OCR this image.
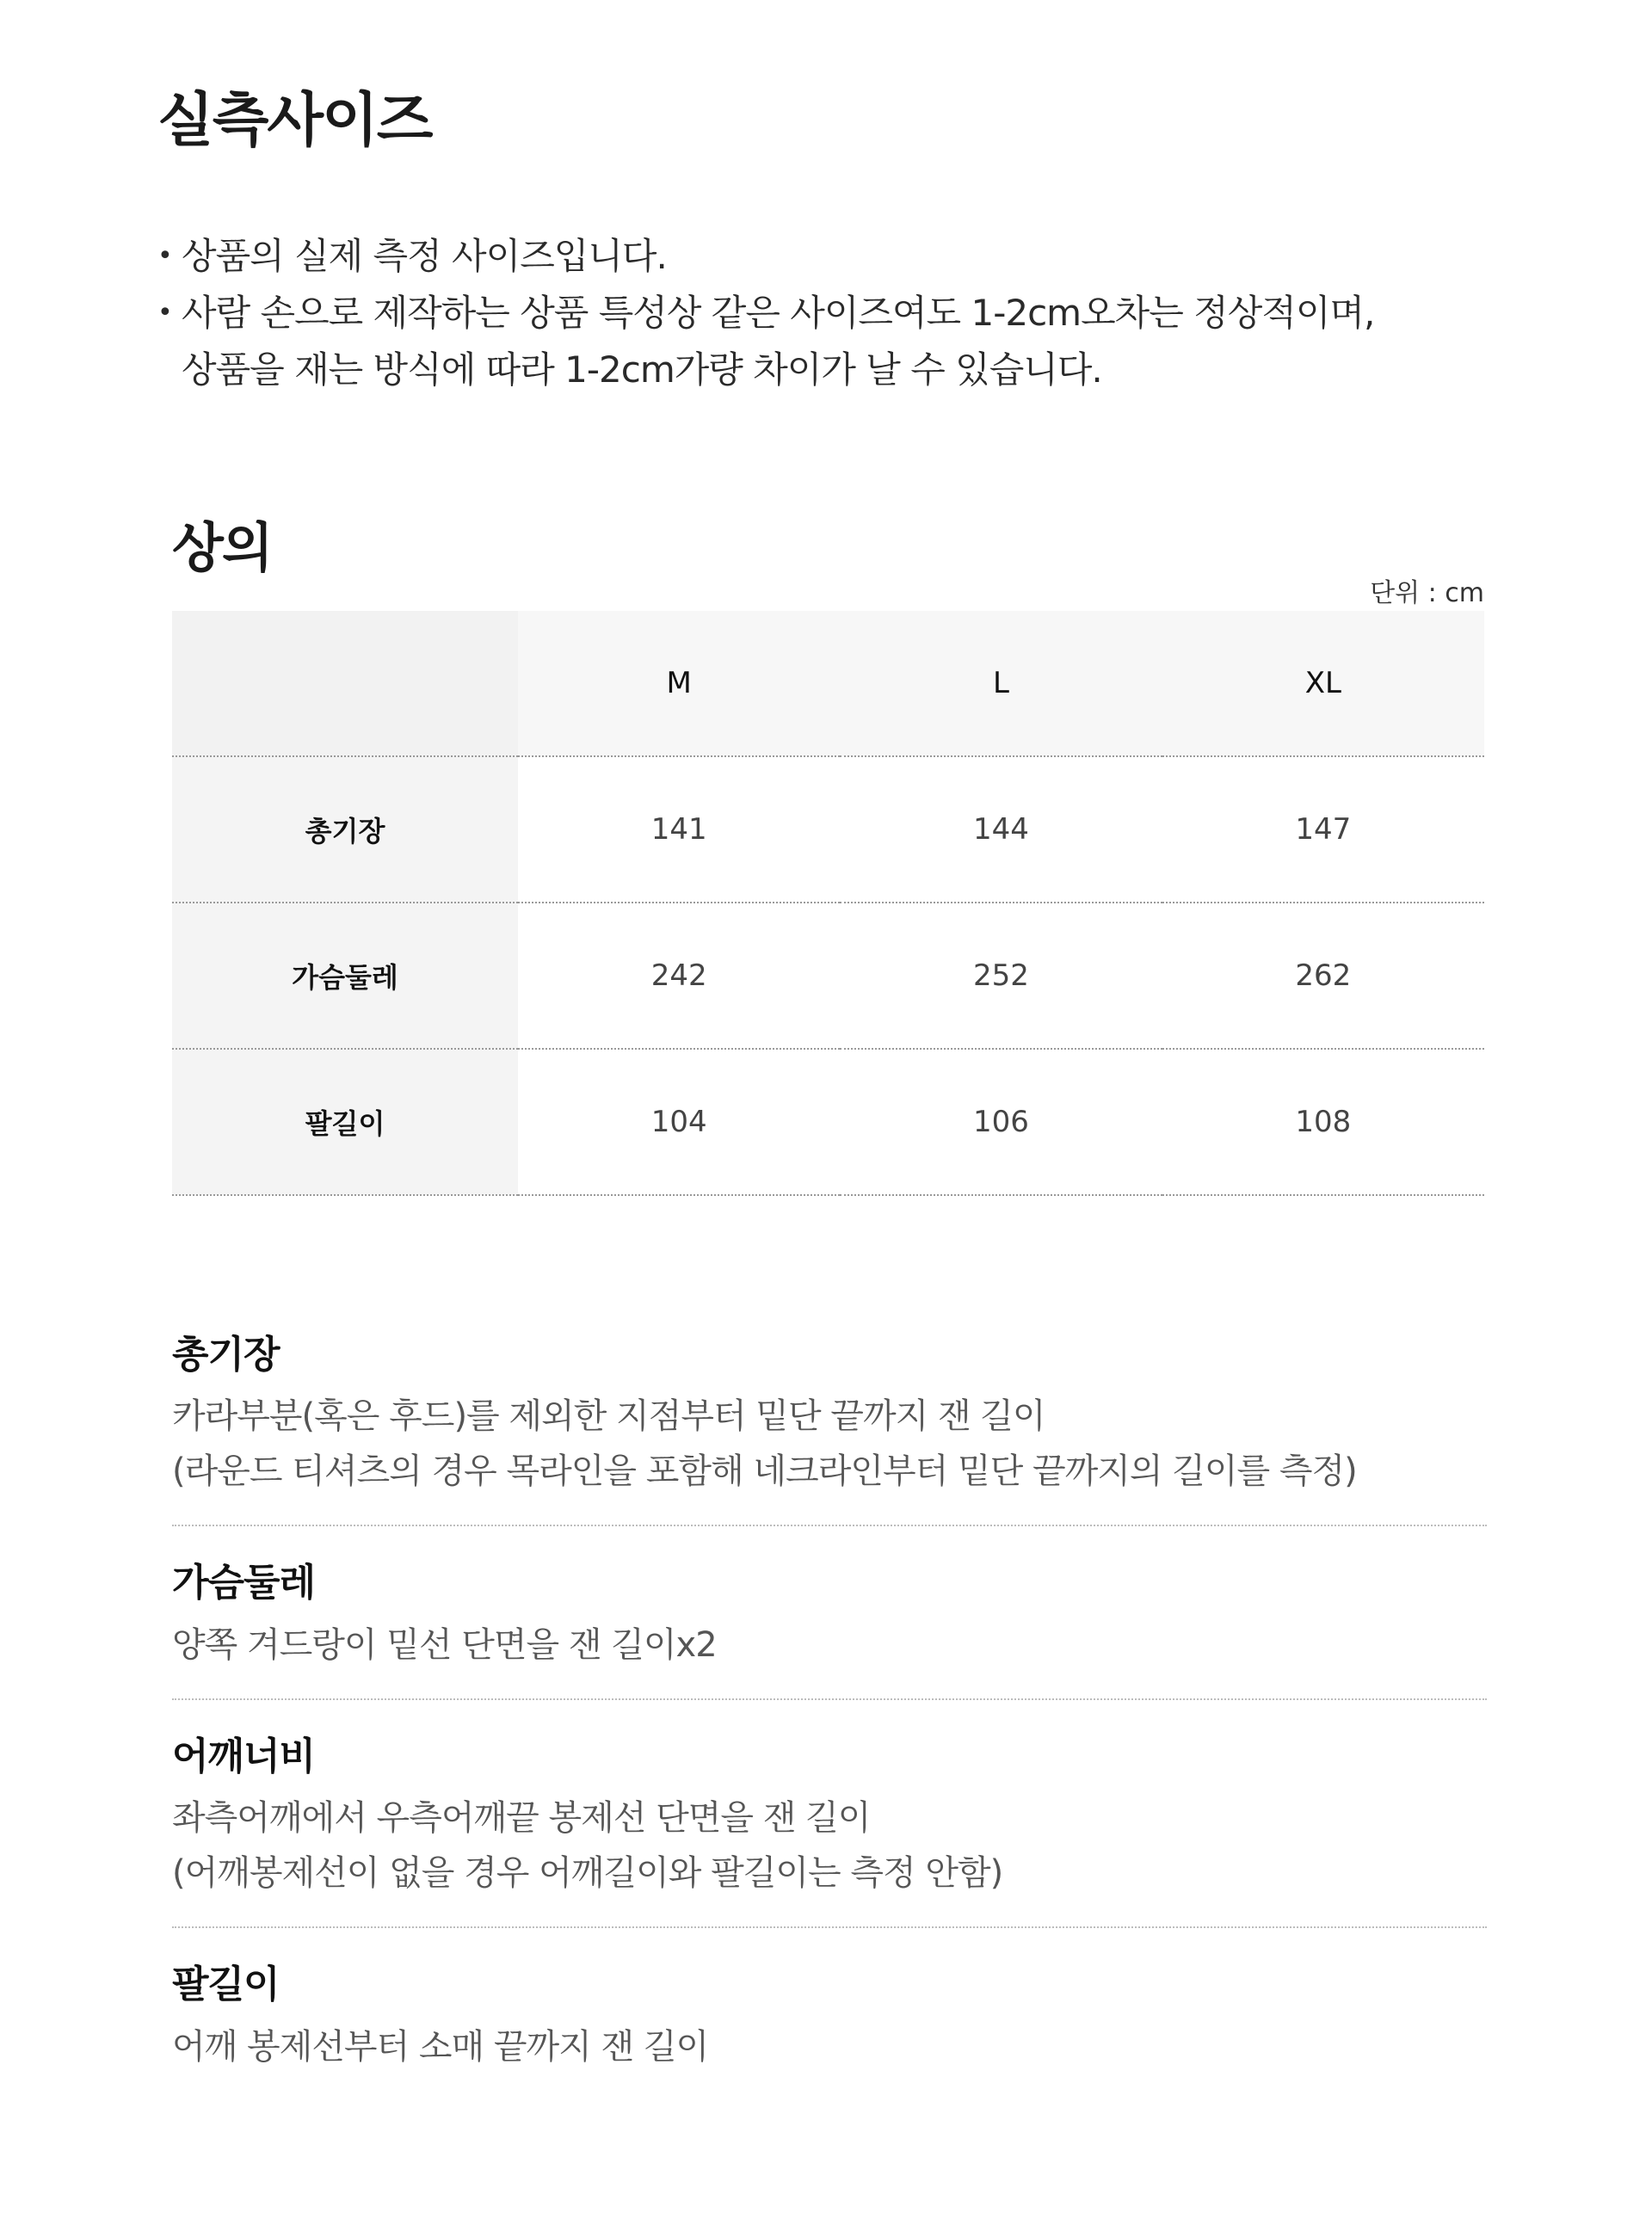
실측사이즈
• 상품의 실제 측정 사이즈입니다.
• 사람 손으로 제작하는 상품 특성상 같은 사이즈여도 1-2cm오차는 정상적이며,
상품을 재는 방식에 따라 1-2cm가량 차이가 날 수 있습니다.
상의
단위 : cm
	M	L	XL
총기장	141	144	147
가슴둘레	242	252	262
팔길이	104	106	108
총기장

카라부분(혹은 후드)를 제외한 지점부터 밑단 끝까지 잰 길이

(라운드 티셔츠의 경우 목라인을 포함해 네크라인부터 밑단 끝까지의 길이를 측정)

가슴둘레

양쪽 겨드랑이 밑선 단면을 잰 길이x2

어깨너비

좌측어깨에서 우측어깨끝 봉제선 단면을 잰 길이

(어깨봉제선이 없을 경우 어깨길이와 팔길이는 측정 안함)

팔길이

어깨 봉제선부터 소매 끝까지 잰 길이
